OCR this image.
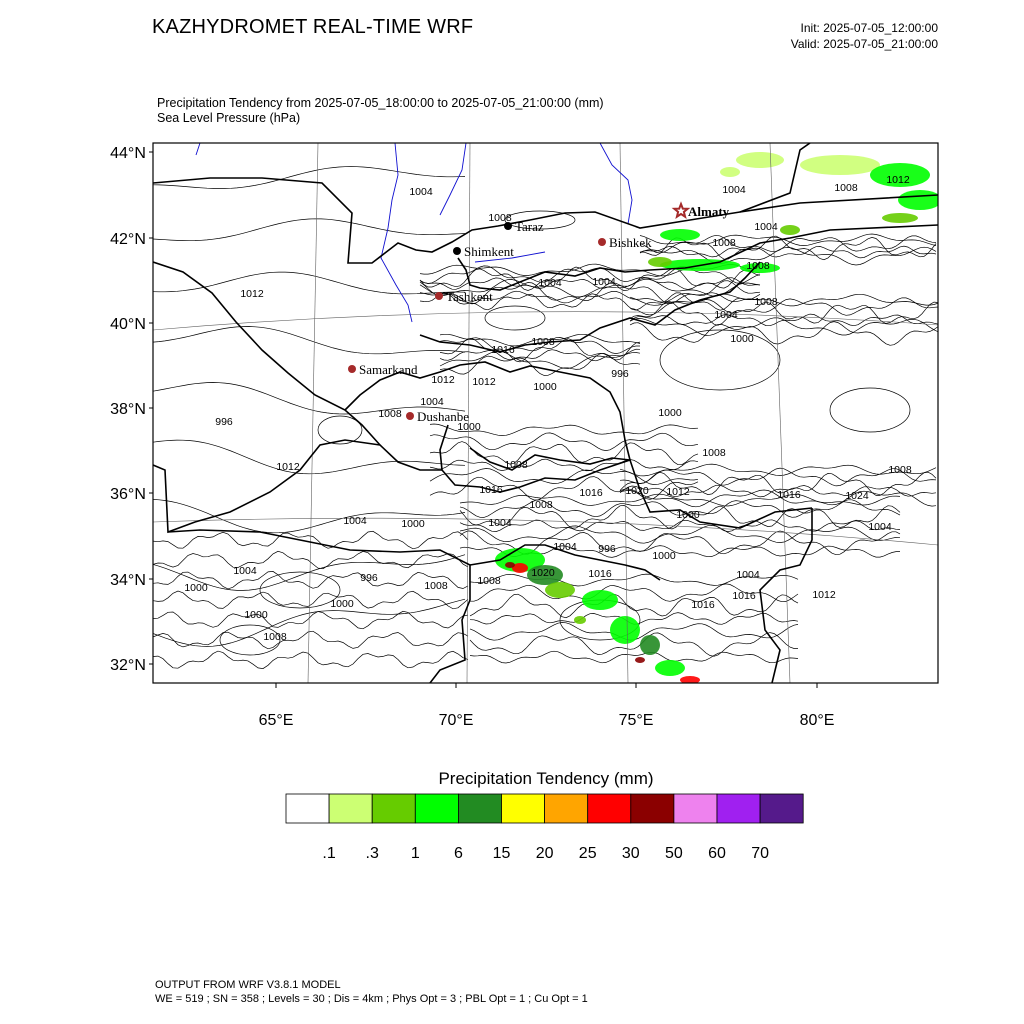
KAZHYDROMET REAL-TIME WRF	Init: 2025-07-05_12:00:00
Valid: 2025-07-05_21:00:00
Precipitation Tendency from 2025-07-05_18:00:00 to 2025-07-05_21:00:00 (mm)
Sea Level Pressure (hPa)
Almaty
Taraz
Bishkek
Shimkent
Tashkent
Samarkand
Dushanbe
1004
1008
1012
1004	1008
1012
1004	1004
1008
1004
1008
1008
1000
1004
1008
1016
1012 1012	1000
996
1000
1004
1008
1000
996
1012
1008
1008
1016	1016 1020 1012	1016	1024
1008
1004
1000
1004
1008
1004	1000
1004
1000
996
1008	1008
1004 996
1000
1004
1020	1016
1012
1016
1016
1000
1000
1008
44°N
42°N
40°N
38°N
36°N
34°N
32°N
65°E	70°E	75°E	80°E
.1 .3 1 6 15 20 25 30 50 60 70
Precipitation Tendency (mm)
OUTPUT FROM WRF V3.8.1 MODEL
WE = 519 ; SN = 358 ; Levels = 30 ; Dis = 4km ; Phys Opt = 3 ; PBL Opt = 1 ; Cu Opt = 1
